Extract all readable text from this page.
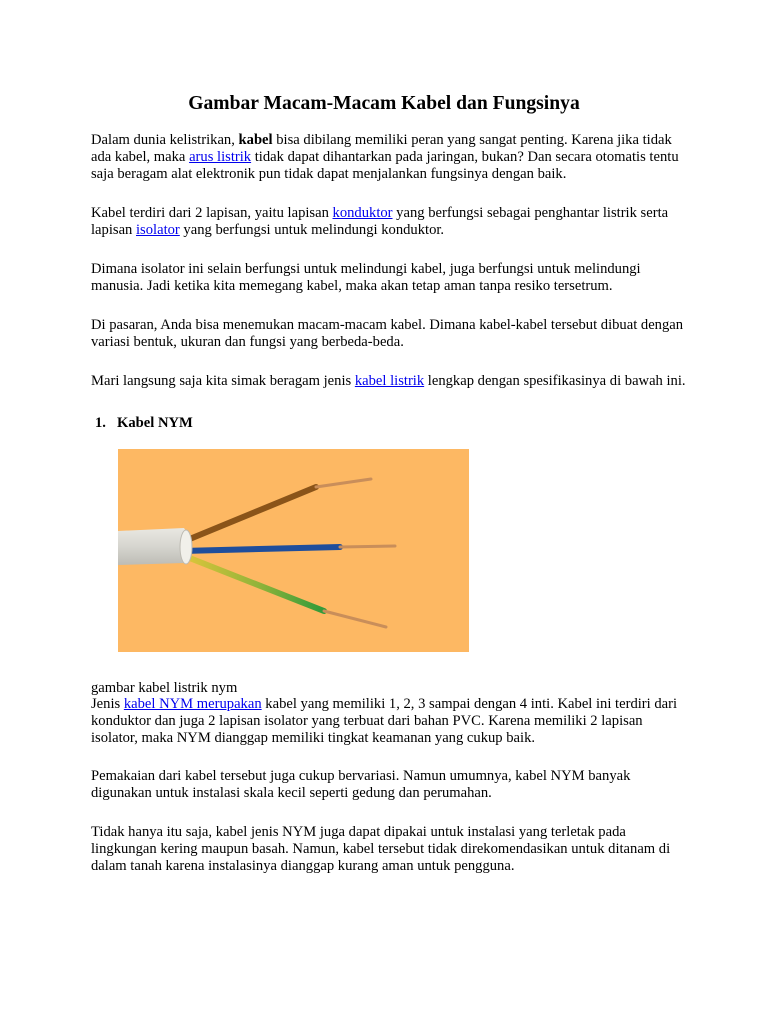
Gambar Macam-Macam Kabel dan Fungsinya

Dalam dunia kelistrikan, kabel bisa dibilang memiliki peran yang sangat penting. Karena jika tidak ada kabel, maka arus listrik tidak dapat dihantarkan pada jaringan, bukan? Dan secara otomatis tentu saja beragam alat elektronik pun tidak dapat menjalankan fungsinya dengan baik.

Kabel terdiri dari 2 lapisan, yaitu lapisan konduktor yang berfungsi sebagai penghantar listrik serta lapisan isolator yang berfungsi untuk melindungi konduktor.

Dimana isolator ini selain berfungsi untuk melindungi kabel, juga berfungsi untuk melindungi manusia. Jadi ketika kita memegang kabel, maka akan tetap aman tanpa resiko tersetrum.

Di pasaran, Anda bisa menemukan macam-macam kabel. Dimana kabel-kabel tersebut dibuat dengan variasi bentuk, ukuran dan fungsi yang berbeda-beda.

Mari langsung saja kita simak beragam jenis kabel listrik lengkap dengan spesifikasinya di bawah ini.

1. Kabel NYM

gambar kabel listrik nym

Jenis kabel NYM merupakan kabel yang memiliki 1, 2, 3 sampai dengan 4 inti. Kabel ini terdiri dari konduktor dan juga 2 lapisan isolator yang terbuat dari bahan PVC. Karena memiliki 2 lapisan isolator, maka NYM dianggap memiliki tingkat keamanan yang cukup baik.

Pemakaian dari kabel tersebut juga cukup bervariasi. Namun umumnya, kabel NYM banyak digunakan untuk instalasi skala kecil seperti gedung dan perumahan.

Tidak hanya itu saja, kabel jenis NYM juga dapat dipakai untuk instalasi yang terletak pada lingkungan kering maupun basah. Namun, kabel tersebut tidak direkomendasikan untuk ditanam di dalam tanah karena instalasinya dianggap kurang aman untuk pengguna.
